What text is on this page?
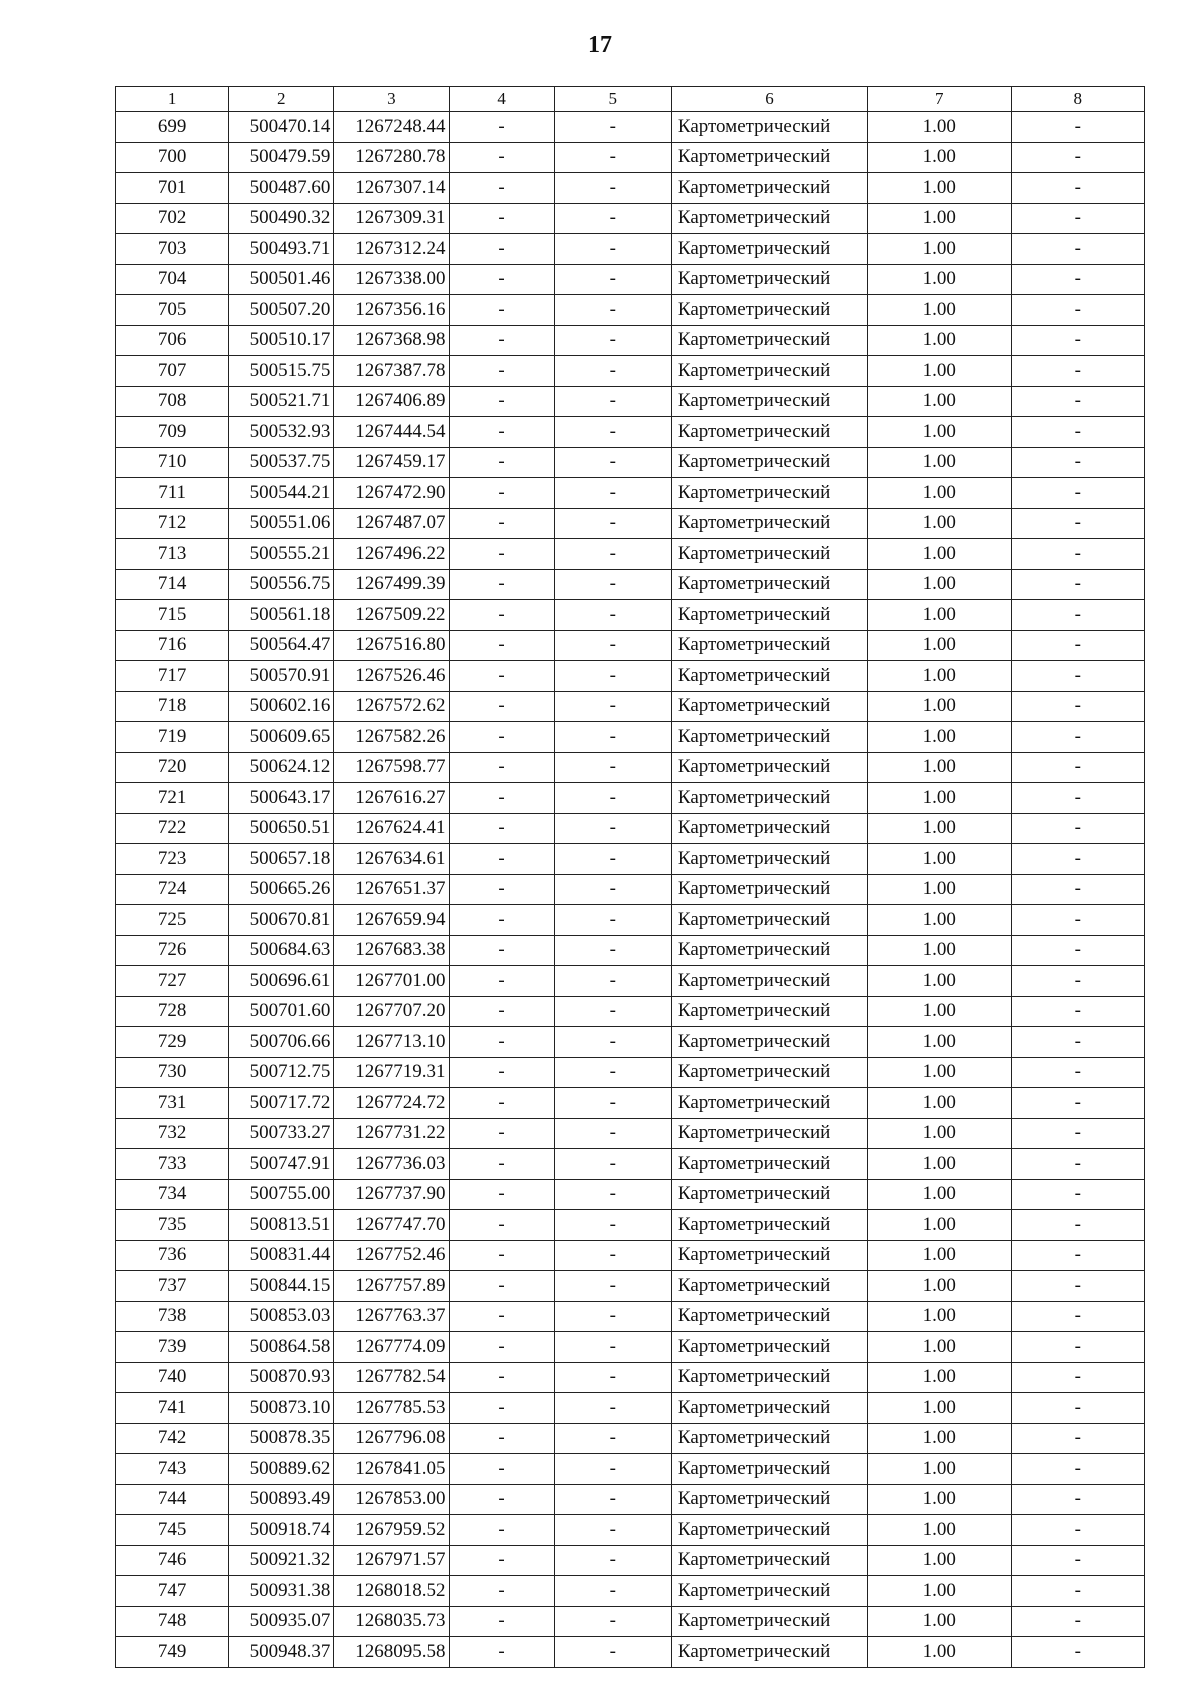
17
1	2	3	4	5	6	7	8
699	500470.14	1267248.44	-	-	Картометрический	1.00	-
700	500479.59	1267280.78	-	-	Картометрический	1.00	-
701	500487.60	1267307.14	-	-	Картометрический	1.00	-
702	500490.32	1267309.31	-	-	Картометрический	1.00	-
703	500493.71	1267312.24	-	-	Картометрический	1.00	-
704	500501.46	1267338.00	-	-	Картометрический	1.00	-
705	500507.20	1267356.16	-	-	Картометрический	1.00	-
706	500510.17	1267368.98	-	-	Картометрический	1.00	-
707	500515.75	1267387.78	-	-	Картометрический	1.00	-
708	500521.71	1267406.89	-	-	Картометрический	1.00	-
709	500532.93	1267444.54	-	-	Картометрический	1.00	-
710	500537.75	1267459.17	-	-	Картометрический	1.00	-
711	500544.21	1267472.90	-	-	Картометрический	1.00	-
712	500551.06	1267487.07	-	-	Картометрический	1.00	-
713	500555.21	1267496.22	-	-	Картометрический	1.00	-
714	500556.75	1267499.39	-	-	Картометрический	1.00	-
715	500561.18	1267509.22	-	-	Картометрический	1.00	-
716	500564.47	1267516.80	-	-	Картометрический	1.00	-
717	500570.91	1267526.46	-	-	Картометрический	1.00	-
718	500602.16	1267572.62	-	-	Картометрический	1.00	-
719	500609.65	1267582.26	-	-	Картометрический	1.00	-
720	500624.12	1267598.77	-	-	Картометрический	1.00	-
721	500643.17	1267616.27	-	-	Картометрический	1.00	-
722	500650.51	1267624.41	-	-	Картометрический	1.00	-
723	500657.18	1267634.61	-	-	Картометрический	1.00	-
724	500665.26	1267651.37	-	-	Картометрический	1.00	-
725	500670.81	1267659.94	-	-	Картометрический	1.00	-
726	500684.63	1267683.38	-	-	Картометрический	1.00	-
727	500696.61	1267701.00	-	-	Картометрический	1.00	-
728	500701.60	1267707.20	-	-	Картометрический	1.00	-
729	500706.66	1267713.10	-	-	Картометрический	1.00	-
730	500712.75	1267719.31	-	-	Картометрический	1.00	-
731	500717.72	1267724.72	-	-	Картометрический	1.00	-
732	500733.27	1267731.22	-	-	Картометрический	1.00	-
733	500747.91	1267736.03	-	-	Картометрический	1.00	-
734	500755.00	1267737.90	-	-	Картометрический	1.00	-
735	500813.51	1267747.70	-	-	Картометрический	1.00	-
736	500831.44	1267752.46	-	-	Картометрический	1.00	-
737	500844.15	1267757.89	-	-	Картометрический	1.00	-
738	500853.03	1267763.37	-	-	Картометрический	1.00	-
739	500864.58	1267774.09	-	-	Картометрический	1.00	-
740	500870.93	1267782.54	-	-	Картометрический	1.00	-
741	500873.10	1267785.53	-	-	Картометрический	1.00	-
742	500878.35	1267796.08	-	-	Картометрический	1.00	-
743	500889.62	1267841.05	-	-	Картометрический	1.00	-
744	500893.49	1267853.00	-	-	Картометрический	1.00	-
745	500918.74	1267959.52	-	-	Картометрический	1.00	-
746	500921.32	1267971.57	-	-	Картометрический	1.00	-
747	500931.38	1268018.52	-	-	Картометрический	1.00	-
748	500935.07	1268035.73	-	-	Картометрический	1.00	-
749	500948.37	1268095.58	-	-	Картометрический	1.00	-
